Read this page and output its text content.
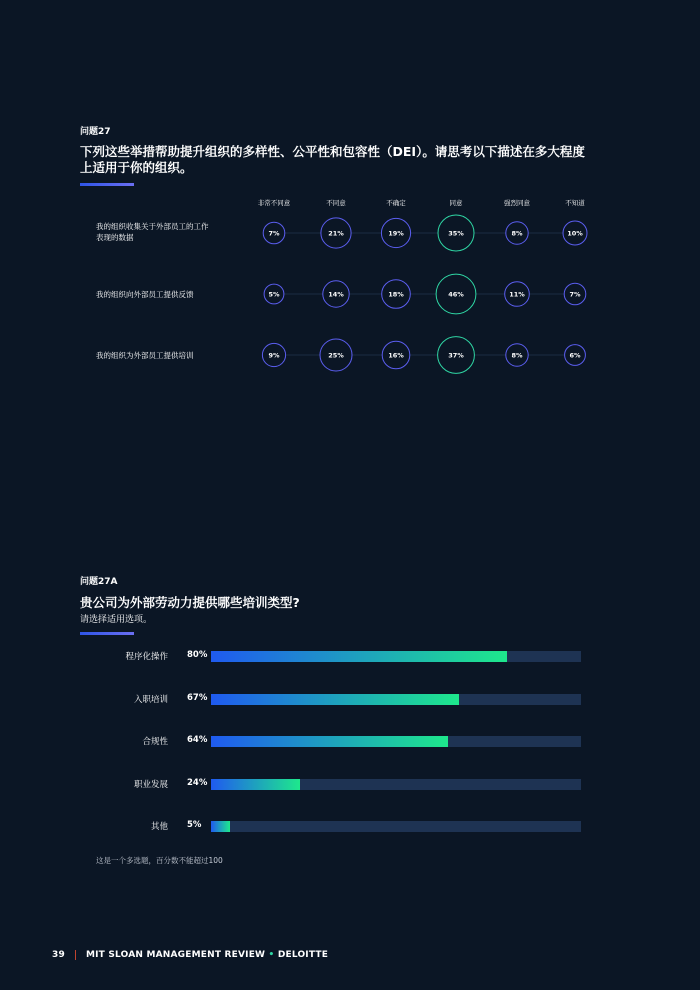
问题27
下列这些举措帮助提升组织的多样性、公平性和包容性（DEI）。请思考以下描述在多大程度
上适用于你的组织。
非常不同意	不同意	不确定	同意	强烈同意	不知道
我的组织收集关于外部员工的工作
表现的数据	7%	21%	19%	35%	8%	10%
我的组织向外部员工提供反馈	5%	14%	18%	46%	11%	7%
我的组织为外部员工提供培训	9%	25%	16%	37%	8%	6%
问题27A
贵公司为外部劳动力提供哪些培训类型?
请选择适用选项。
程序化操作 80%
入职培训 67%
合规性 64%
职业发展 24%
其他 5%
这是一个多选题，百分数不能超过100
39 MIT SLOAN MANAGEMENT REVIEW • DELOITTE
